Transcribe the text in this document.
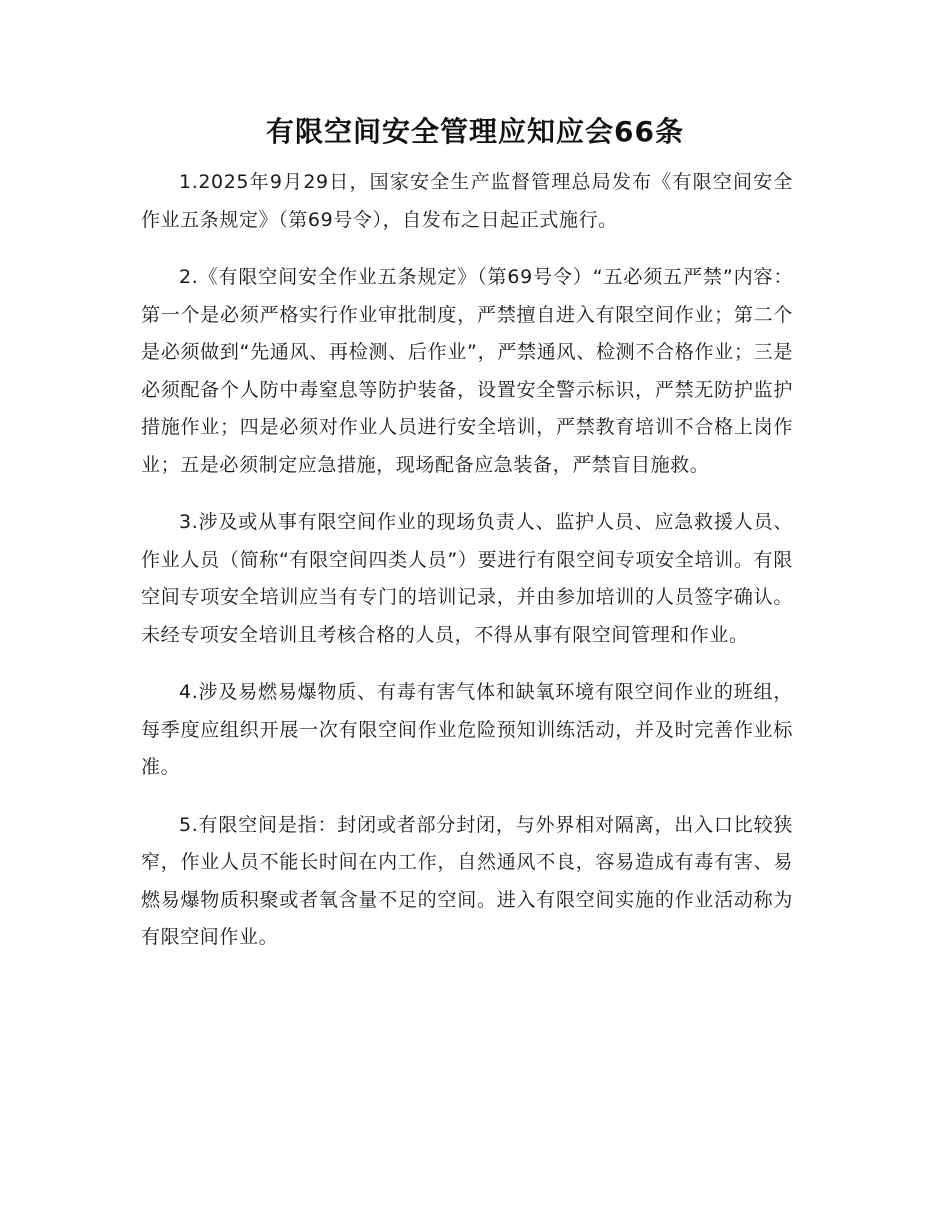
有限空间安全管理应知应会66条

1.2025年9月29日，国家安全生产监督管理总局发布《有限空间安全作业五条规定》（第69号令），自发布之日起正式施行。

2.《有限空间安全作业五条规定》（第69号令）“五必须五严禁”内容：第一个是必须严格实行作业审批制度，严禁擅自进入有限空间作业；第二个是必须做到“先通风、再检测、后作业”，严禁通风、检测不合格作业；三是必须配备个人防中毒窒息等防护装备，设置安全警示标识，严禁无防护监护措施作业；四是必须对作业人员进行安全培训，严禁教育培训不合格上岗作业；五是必须制定应急措施，现场配备应急装备，严禁盲目施救。

3.涉及或从事有限空间作业的现场负责人、监护人员、应急救援人员、作业人员（简称“有限空间四类人员”）要进行有限空间专项安全培训。有限空间专项安全培训应当有专门的培训记录，并由参加培训的人员签字确认。未经专项安全培训且考核合格的人员，不得从事有限空间管理和作业。

4.涉及易燃易爆物质、有毒有害气体和缺氧环境有限空间作业的班组，每季度应组织开展一次有限空间作业危险预知训练活动，并及时完善作业标准。

5.有限空间是指：封闭或者部分封闭，与外界相对隔离，出入口比较狭窄，作业人员不能长时间在内工作，自然通风不良，容易造成有毒有害、易燃易爆物质积聚或者氧含量不足的空间。进入有限空间实施的作业活动称为有限空间作业。
